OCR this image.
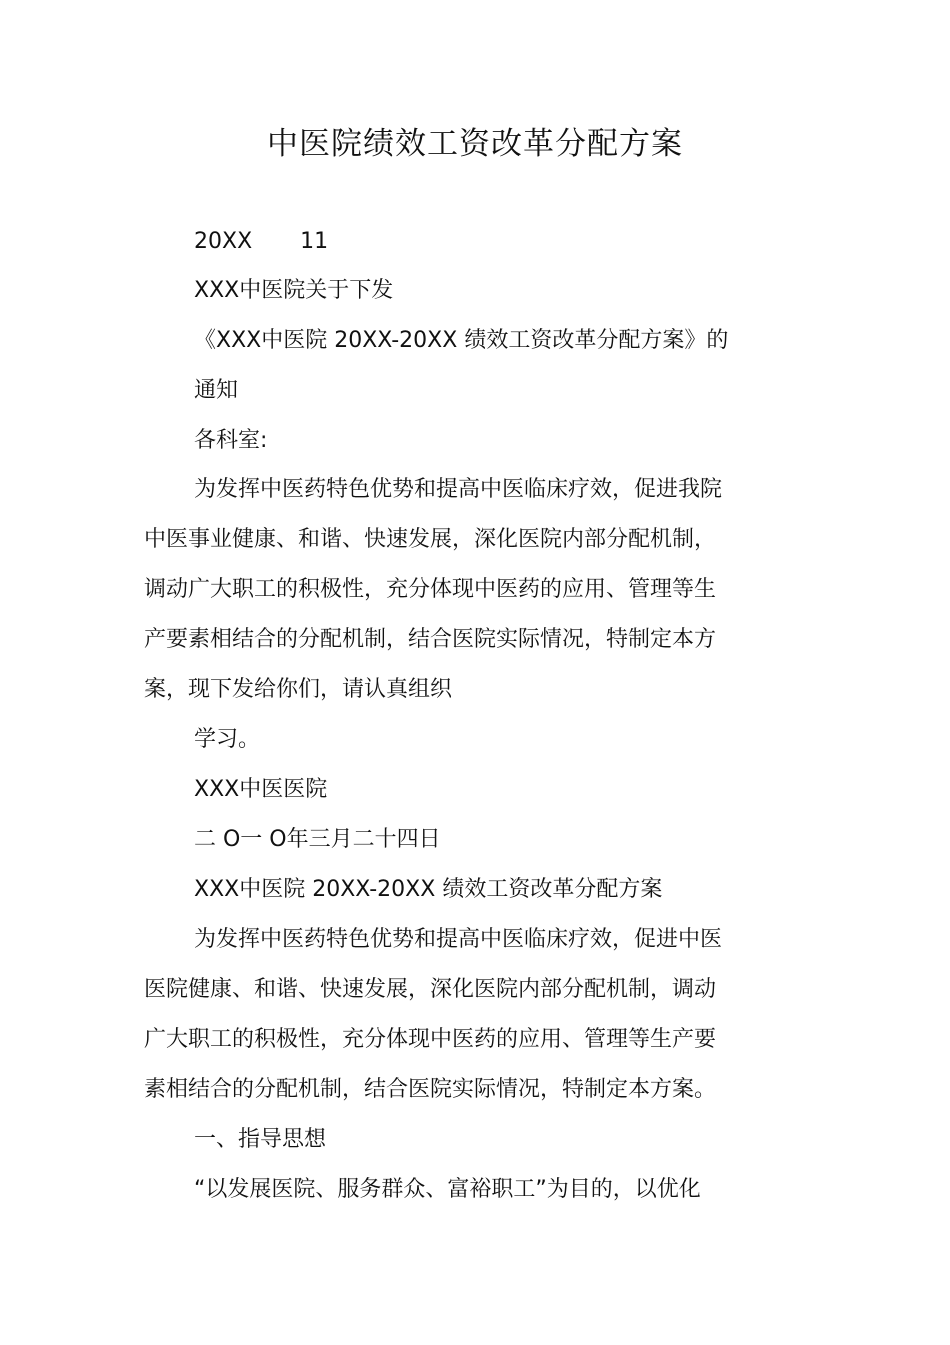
中医院绩效工资改革分配方案
20XX 11

XXX中医院关于下发

《XXX中医院 20XX-20XX 绩效工资改革分配方案》的

通知

各科室:

为发挥中医药特色优势和提高中医临床疗效，促进我院

中医事业健康、和谐、快速发展，深化医院内部分配机制，

调动广大职工的积极性，充分体现中医药的应用、管理等生

产要素相结合的分配机制，结合医院实际情况，特制定本方

案，现下发给你们，请认真组织

学习。

XXX中医医院

二 O一 O年三月二十四日

XXX中医院 20XX-20XX 绩效工资改革分配方案

为发挥中医药特色优势和提高中医临床疗效，促进中医

医院健康、和谐、快速发展，深化医院内部分配机制，调动

广大职工的积极性，充分体现中医药的应用、管理等生产要

素相结合的分配机制，结合医院实际情况，特制定本方案。

一、指导思想

“以发展医院、服务群众、富裕职工”为目的，以优化
